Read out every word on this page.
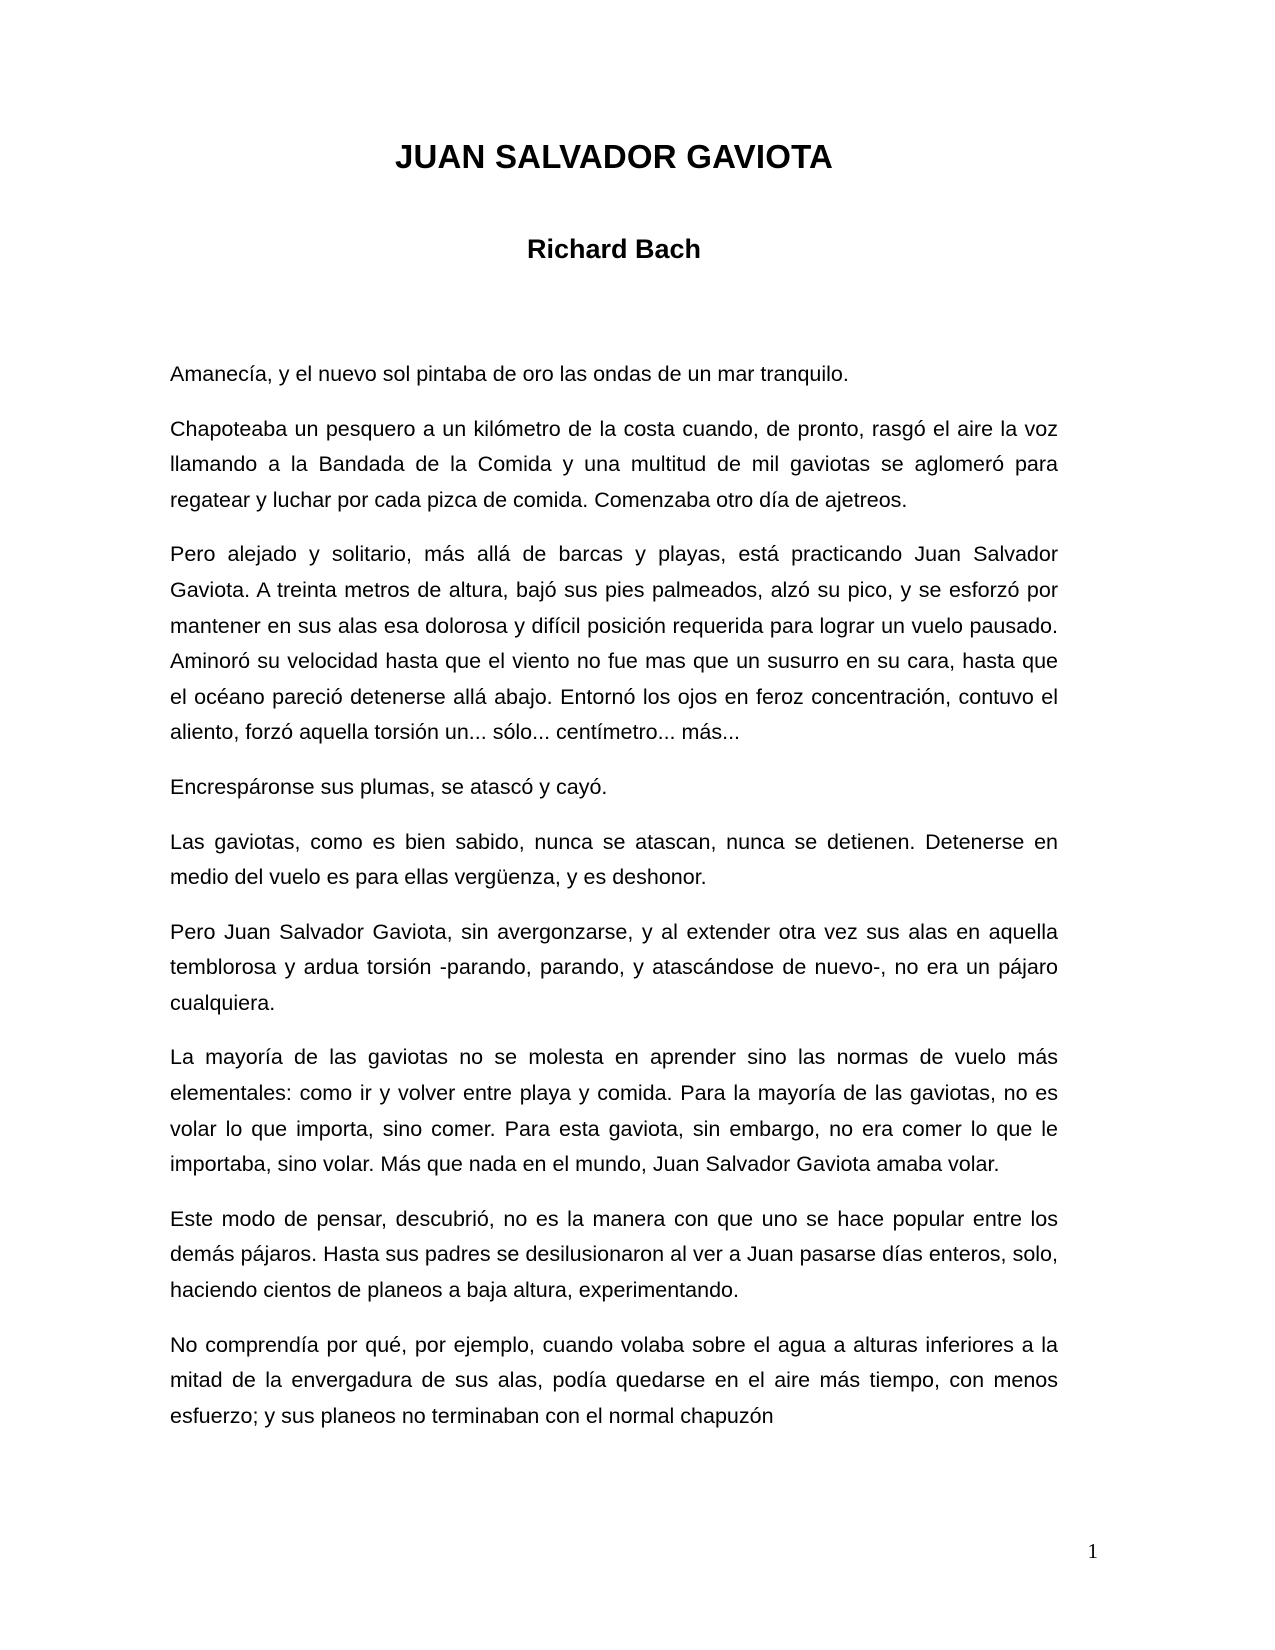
JUAN SALVADOR GAVIOTA
Richard Bach

Amanecía, y el nuevo sol pintaba de oro las ondas de un mar tranquilo.

Chapoteaba un pesquero a un kilómetro de la costa cuando, de pronto, rasgó el aire la voz llamando a la Bandada de la Comida y una multitud de mil gaviotas se aglomeró para regatear y luchar por cada pizca de comida. Comenzaba otro día de ajetreos.

Pero alejado y solitario, más allá de barcas y playas, está practicando Juan Salvador Gaviota. A treinta metros de altura, bajó sus pies palmeados, alzó su pico, y se esforzó por mantener en sus alas esa dolorosa y difícil posición requerida para lograr un vuelo pausado. Aminoró su velocidad hasta que el viento no fue mas que un susurro en su cara, hasta que el océano pareció detenerse allá abajo. Entornó los ojos en feroz concentración, contuvo el aliento, forzó aquella torsión un... sólo... centímetro... más...

Encrespáronse sus plumas, se atascó y cayó.

Las gaviotas, como es bien sabido, nunca se atascan, nunca se detienen. Detenerse en medio del vuelo es para ellas vergüenza, y es deshonor.

Pero Juan Salvador Gaviota, sin avergonzarse, y al extender otra vez sus alas en aquella temblorosa y ardua torsión -parando, parando, y atascándose de nuevo-, no era un pájaro cualquiera.

La mayoría de las gaviotas no se molesta en aprender sino las normas de vuelo más elementales: como ir y volver entre playa y comida. Para la mayoría de las gaviotas, no es volar lo que importa, sino comer. Para esta gaviota, sin embargo, no era comer lo que le importaba, sino volar. Más que nada en el mundo, Juan Salvador Gaviota amaba volar.

Este modo de pensar, descubrió, no es la manera con que uno se hace popular entre los demás pájaros. Hasta sus padres se desilusionaron al ver a Juan pasarse días enteros, solo, haciendo cientos de planeos a baja altura, experimentando.

No comprendía por qué, por ejemplo, cuando volaba sobre el agua a alturas inferiores a la mitad de la envergadura de sus alas, podía quedarse en el aire más tiempo, con menos esfuerzo; y sus planeos no terminaban con el normal chapuzón

1
